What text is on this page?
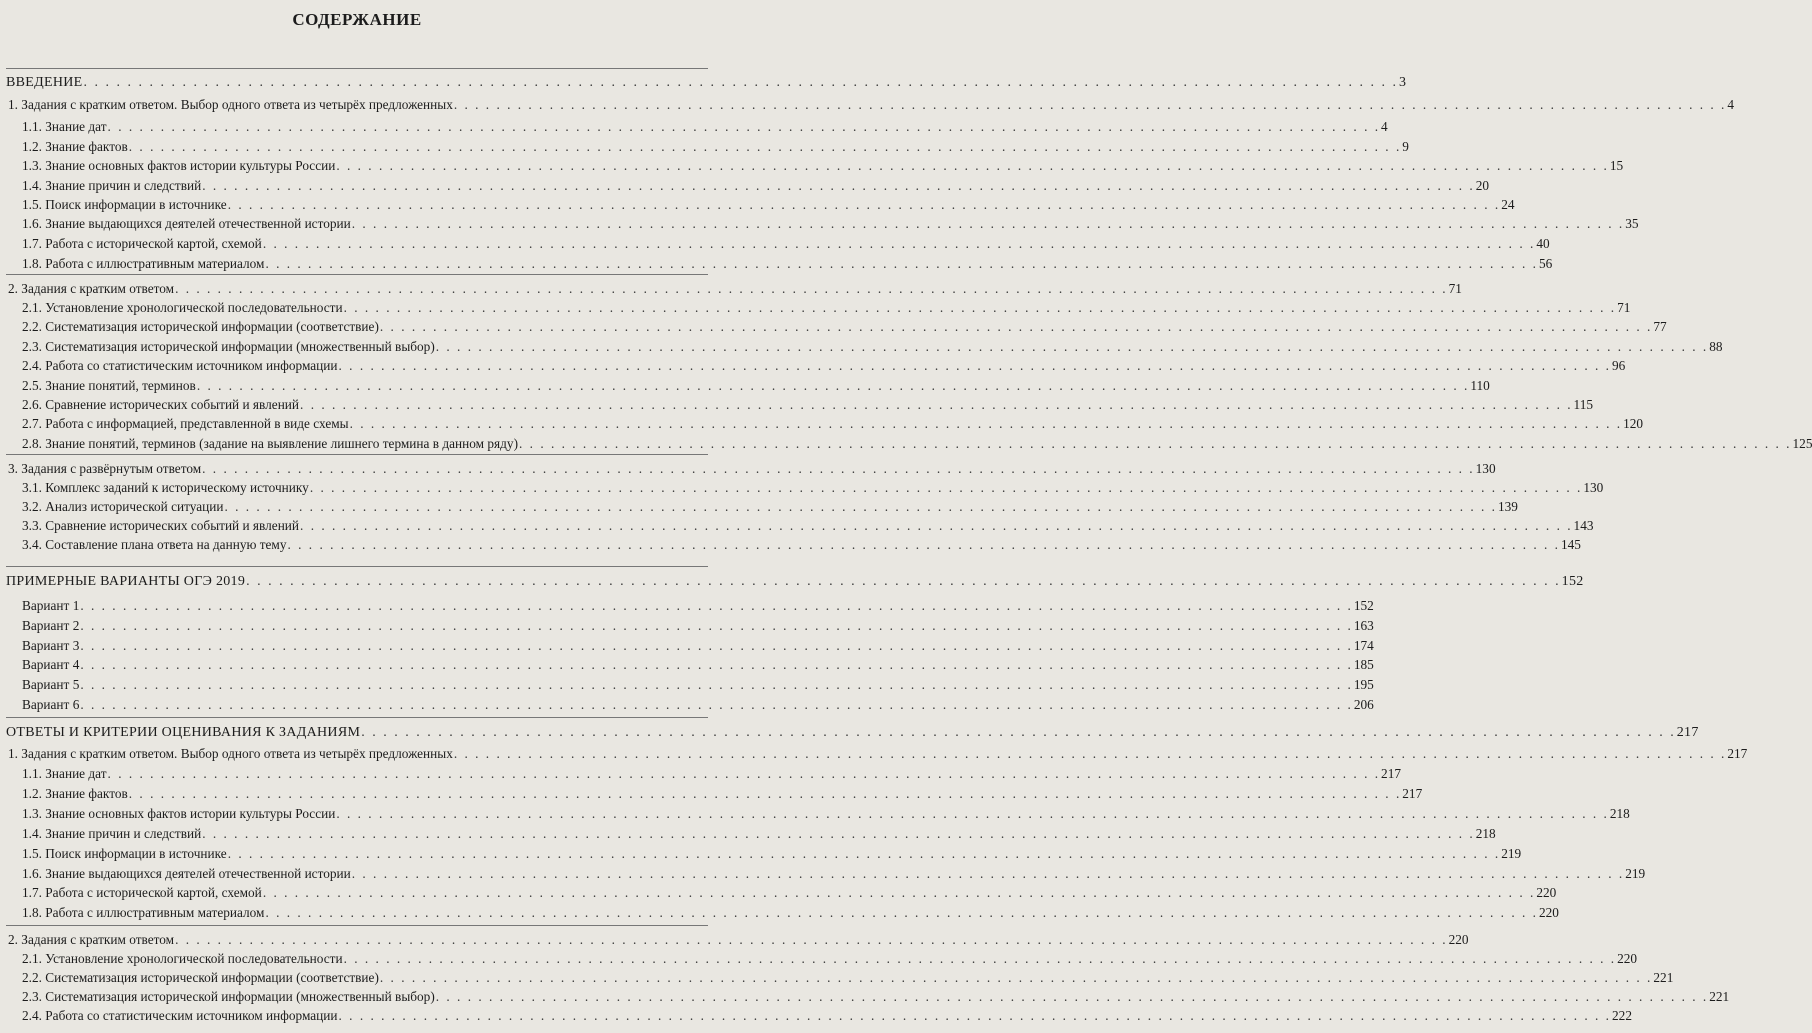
СОДЕРЖАНИЕ
ВВЕДЕНИЕ . . . . . . . . . . . . . . . . . . . . . . . . . . . . . . . . . . . . . . . . . . . . . . . . . . . . . . . . . . . . . . . . . . . . . . . . . . . . . . . . . . . . . . . . . . . . . . . . . . . . . . . . . . . . . . . . . . . . . . . . 3
1. Задания с кратким ответом. Выбор одного ответа из четырёх предложенных . . . . . . . . . . . . . . . . . . . . . . . . . . . . . . . . . . . . . . . . . . . . . . . . . . . . . . . . . . . . . . . . . . . . . . . . . . . . . . . . . . . . . . . . . . . . . . . . . . . . . . . . . . . . . . . . . . . . . . . . 4
1.1. Знание дат . . . . . . . . . . . . . . . . . . . . . . . . . . . . . . . . . . . . . . . . . . . . . . . . . . . . . . . . . . . . . . . . . . . . . . . . . . . . . . . . . . . . . . . . . . . . . . . . . . . . . . . . . . . . . . . . . . . . . . . . 4
1.2. Знание фактов . . . . . . . . . . . . . . . . . . . . . . . . . . . . . . . . . . . . . . . . . . . . . . . . . . . . . . . . . . . . . . . . . . . . . . . . . . . . . . . . . . . . . . . . . . . . . . . . . . . . . . . . . . . . . . . . . . . . . . . . 9
1.3. Знание основных фактов истории культуры России . . . . . . . . . . . . . . . . . . . . . . . . . . . . . . . . . . . . . . . . . . . . . . . . . . . . . . . . . . . . . . . . . . . . . . . . . . . . . . . . . . . . . . . . . . . . . . . . . . . . . . . . . . . . . . . . . . . . . . . . 15
1.4. Знание причин и следствий . . . . . . . . . . . . . . . . . . . . . . . . . . . . . . . . . . . . . . . . . . . . . . . . . . . . . . . . . . . . . . . . . . . . . . . . . . . . . . . . . . . . . . . . . . . . . . . . . . . . . . . . . . . . . . . . . . . . . . . . 20
1.5. Поиск информации в источнике . . . . . . . . . . . . . . . . . . . . . . . . . . . . . . . . . . . . . . . . . . . . . . . . . . . . . . . . . . . . . . . . . . . . . . . . . . . . . . . . . . . . . . . . . . . . . . . . . . . . . . . . . . . . . . . . . . . . . . . . 24
1.6. Знание выдающихся деятелей отечественной истории . . . . . . . . . . . . . . . . . . . . . . . . . . . . . . . . . . . . . . . . . . . . . . . . . . . . . . . . . . . . . . . . . . . . . . . . . . . . . . . . . . . . . . . . . . . . . . . . . . . . . . . . . . . . . . . . . . . . . . . . 35
1.7. Работа с исторической картой, схемой . . . . . . . . . . . . . . . . . . . . . . . . . . . . . . . . . . . . . . . . . . . . . . . . . . . . . . . . . . . . . . . . . . . . . . . . . . . . . . . . . . . . . . . . . . . . . . . . . . . . . . . . . . . . . . . . . . . . . . . . 40
1.8. Работа с иллюстративным материалом . . . . . . . . . . . . . . . . . . . . . . . . . . . . . . . . . . . . . . . . . . . . . . . . . . . . . . . . . . . . . . . . . . . . . . . . . . . . . . . . . . . . . . . . . . . . . . . . . . . . . . . . . . . . . . . . . . . . . . . . 56
2. Задания с кратким ответом . . . . . . . . . . . . . . . . . . . . . . . . . . . . . . . . . . . . . . . . . . . . . . . . . . . . . . . . . . . . . . . . . . . . . . . . . . . . . . . . . . . . . . . . . . . . . . . . . . . . . . . . . . . . . . . . . . . . . . . . 71
2.1. Установление хронологической последовательности . . . . . . . . . . . . . . . . . . . . . . . . . . . . . . . . . . . . . . . . . . . . . . . . . . . . . . . . . . . . . . . . . . . . . . . . . . . . . . . . . . . . . . . . . . . . . . . . . . . . . . . . . . . . . . . . . . . . . . . . 71
2.2. Систематизация исторической информации (соответствие) . . . . . . . . . . . . . . . . . . . . . . . . . . . . . . . . . . . . . . . . . . . . . . . . . . . . . . . . . . . . . . . . . . . . . . . . . . . . . . . . . . . . . . . . . . . . . . . . . . . . . . . . . . . . . . . . . . . . . . . . 77
2.3. Систематизация исторической информации (множественный выбор) . . . . . . . . . . . . . . . . . . . . . . . . . . . . . . . . . . . . . . . . . . . . . . . . . . . . . . . . . . . . . . . . . . . . . . . . . . . . . . . . . . . . . . . . . . . . . . . . . . . . . . . . . . . . . . . . . . . . . . . . 88
2.4. Работа со статистическим источником информации . . . . . . . . . . . . . . . . . . . . . . . . . . . . . . . . . . . . . . . . . . . . . . . . . . . . . . . . . . . . . . . . . . . . . . . . . . . . . . . . . . . . . . . . . . . . . . . . . . . . . . . . . . . . . . . . . . . . . . . . 96
2.5. Знание понятий, терминов . . . . . . . . . . . . . . . . . . . . . . . . . . . . . . . . . . . . . . . . . . . . . . . . . . . . . . . . . . . . . . . . . . . . . . . . . . . . . . . . . . . . . . . . . . . . . . . . . . . . . . . . . . . . . . . . . . . . . . . . 110
2.6. Сравнение исторических событий и явлений . . . . . . . . . . . . . . . . . . . . . . . . . . . . . . . . . . . . . . . . . . . . . . . . . . . . . . . . . . . . . . . . . . . . . . . . . . . . . . . . . . . . . . . . . . . . . . . . . . . . . . . . . . . . . . . . . . . . . . . . 115
2.7. Работа с информацией, представленной в виде схемы . . . . . . . . . . . . . . . . . . . . . . . . . . . . . . . . . . . . . . . . . . . . . . . . . . . . . . . . . . . . . . . . . . . . . . . . . . . . . . . . . . . . . . . . . . . . . . . . . . . . . . . . . . . . . . . . . . . . . . . . 120
2.8. Знание понятий, терминов (задание на выявление лишнего термина в данном ряду) . . . . . . . . . . . . . . . . . . . . . . . . . . . . . . . . . . . . . . . . . . . . . . . . . . . . . . . . . . . . . . . . . . . . . . . . . . . . . . . . . . . . . . . . . . . . . . . . . . . . . . . . . . . . . . . . . . . . . . . . 125
3. Задания с развёрнутым ответом . . . . . . . . . . . . . . . . . . . . . . . . . . . . . . . . . . . . . . . . . . . . . . . . . . . . . . . . . . . . . . . . . . . . . . . . . . . . . . . . . . . . . . . . . . . . . . . . . . . . . . . . . . . . . . . . . . . . . . . . 130
3.1. Комплекс заданий к историческому источнику . . . . . . . . . . . . . . . . . . . . . . . . . . . . . . . . . . . . . . . . . . . . . . . . . . . . . . . . . . . . . . . . . . . . . . . . . . . . . . . . . . . . . . . . . . . . . . . . . . . . . . . . . . . . . . . . . . . . . . . . 130
3.2. Анализ исторической ситуации . . . . . . . . . . . . . . . . . . . . . . . . . . . . . . . . . . . . . . . . . . . . . . . . . . . . . . . . . . . . . . . . . . . . . . . . . . . . . . . . . . . . . . . . . . . . . . . . . . . . . . . . . . . . . . . . . . . . . . . . 139
3.3. Сравнение исторических событий и явлений . . . . . . . . . . . . . . . . . . . . . . . . . . . . . . . . . . . . . . . . . . . . . . . . . . . . . . . . . . . . . . . . . . . . . . . . . . . . . . . . . . . . . . . . . . . . . . . . . . . . . . . . . . . . . . . . . . . . . . . . 143
3.4. Составление плана ответа на данную тему . . . . . . . . . . . . . . . . . . . . . . . . . . . . . . . . . . . . . . . . . . . . . . . . . . . . . . . . . . . . . . . . . . . . . . . . . . . . . . . . . . . . . . . . . . . . . . . . . . . . . . . . . . . . . . . . . . . . . . . . 145
ПРИМЕРНЫЕ ВАРИАНТЫ ОГЭ 2019 . . . . . . . . . . . . . . . . . . . . . . . . . . . . . . . . . . . . . . . . . . . . . . . . . . . . . . . . . . . . . . . . . . . . . . . . . . . . . . . . . . . . . . . . . . . . . . . . . . . . . . . . . . . . . . . . . . . . . . . . 152
Вариант 1 . . . . . . . . . . . . . . . . . . . . . . . . . . . . . . . . . . . . . . . . . . . . . . . . . . . . . . . . . . . . . . . . . . . . . . . . . . . . . . . . . . . . . . . . . . . . . . . . . . . . . . . . . . . . . . . . . . . . . . . . 152
Вариант 2 . . . . . . . . . . . . . . . . . . . . . . . . . . . . . . . . . . . . . . . . . . . . . . . . . . . . . . . . . . . . . . . . . . . . . . . . . . . . . . . . . . . . . . . . . . . . . . . . . . . . . . . . . . . . . . . . . . . . . . . . 163
Вариант 3 . . . . . . . . . . . . . . . . . . . . . . . . . . . . . . . . . . . . . . . . . . . . . . . . . . . . . . . . . . . . . . . . . . . . . . . . . . . . . . . . . . . . . . . . . . . . . . . . . . . . . . . . . . . . . . . . . . . . . . . . 174
Вариант 4 . . . . . . . . . . . . . . . . . . . . . . . . . . . . . . . . . . . . . . . . . . . . . . . . . . . . . . . . . . . . . . . . . . . . . . . . . . . . . . . . . . . . . . . . . . . . . . . . . . . . . . . . . . . . . . . . . . . . . . . . 185
Вариант 5 . . . . . . . . . . . . . . . . . . . . . . . . . . . . . . . . . . . . . . . . . . . . . . . . . . . . . . . . . . . . . . . . . . . . . . . . . . . . . . . . . . . . . . . . . . . . . . . . . . . . . . . . . . . . . . . . . . . . . . . . 195
Вариант 6 . . . . . . . . . . . . . . . . . . . . . . . . . . . . . . . . . . . . . . . . . . . . . . . . . . . . . . . . . . . . . . . . . . . . . . . . . . . . . . . . . . . . . . . . . . . . . . . . . . . . . . . . . . . . . . . . . . . . . . . . 206
ОТВЕТЫ И КРИТЕРИИ ОЦЕНИВАНИЯ К ЗАДАНИЯМ . . . . . . . . . . . . . . . . . . . . . . . . . . . . . . . . . . . . . . . . . . . . . . . . . . . . . . . . . . . . . . . . . . . . . . . . . . . . . . . . . . . . . . . . . . . . . . . . . . . . . . . . . . . . . . . . . . . . . . . . 217
1. Задания с кратким ответом. Выбор одного ответа из четырёх предложенных . . . . . . . . . . . . . . . . . . . . . . . . . . . . . . . . . . . . . . . . . . . . . . . . . . . . . . . . . . . . . . . . . . . . . . . . . . . . . . . . . . . . . . . . . . . . . . . . . . . . . . . . . . . . . . . . . . . . . . . . 217
1.1. Знание дат . . . . . . . . . . . . . . . . . . . . . . . . . . . . . . . . . . . . . . . . . . . . . . . . . . . . . . . . . . . . . . . . . . . . . . . . . . . . . . . . . . . . . . . . . . . . . . . . . . . . . . . . . . . . . . . . . . . . . . . . 217
1.2. Знание фактов . . . . . . . . . . . . . . . . . . . . . . . . . . . . . . . . . . . . . . . . . . . . . . . . . . . . . . . . . . . . . . . . . . . . . . . . . . . . . . . . . . . . . . . . . . . . . . . . . . . . . . . . . . . . . . . . . . . . . . . . 217
1.3. Знание основных фактов истории культуры России . . . . . . . . . . . . . . . . . . . . . . . . . . . . . . . . . . . . . . . . . . . . . . . . . . . . . . . . . . . . . . . . . . . . . . . . . . . . . . . . . . . . . . . . . . . . . . . . . . . . . . . . . . . . . . . . . . . . . . . . 218
1.4. Знание причин и следствий . . . . . . . . . . . . . . . . . . . . . . . . . . . . . . . . . . . . . . . . . . . . . . . . . . . . . . . . . . . . . . . . . . . . . . . . . . . . . . . . . . . . . . . . . . . . . . . . . . . . . . . . . . . . . . . . . . . . . . . . 218
1.5. Поиск информации в источнике . . . . . . . . . . . . . . . . . . . . . . . . . . . . . . . . . . . . . . . . . . . . . . . . . . . . . . . . . . . . . . . . . . . . . . . . . . . . . . . . . . . . . . . . . . . . . . . . . . . . . . . . . . . . . . . . . . . . . . . . 219
1.6. Знание выдающихся деятелей отечественной истории . . . . . . . . . . . . . . . . . . . . . . . . . . . . . . . . . . . . . . . . . . . . . . . . . . . . . . . . . . . . . . . . . . . . . . . . . . . . . . . . . . . . . . . . . . . . . . . . . . . . . . . . . . . . . . . . . . . . . . . . 219
1.7. Работа с исторической картой, схемой . . . . . . . . . . . . . . . . . . . . . . . . . . . . . . . . . . . . . . . . . . . . . . . . . . . . . . . . . . . . . . . . . . . . . . . . . . . . . . . . . . . . . . . . . . . . . . . . . . . . . . . . . . . . . . . . . . . . . . . . 220
1.8. Работа с иллюстративным материалом . . . . . . . . . . . . . . . . . . . . . . . . . . . . . . . . . . . . . . . . . . . . . . . . . . . . . . . . . . . . . . . . . . . . . . . . . . . . . . . . . . . . . . . . . . . . . . . . . . . . . . . . . . . . . . . . . . . . . . . . 220
2. Задания с кратким ответом . . . . . . . . . . . . . . . . . . . . . . . . . . . . . . . . . . . . . . . . . . . . . . . . . . . . . . . . . . . . . . . . . . . . . . . . . . . . . . . . . . . . . . . . . . . . . . . . . . . . . . . . . . . . . . . . . . . . . . . . 220
2.1. Установление хронологической последовательности . . . . . . . . . . . . . . . . . . . . . . . . . . . . . . . . . . . . . . . . . . . . . . . . . . . . . . . . . . . . . . . . . . . . . . . . . . . . . . . . . . . . . . . . . . . . . . . . . . . . . . . . . . . . . . . . . . . . . . . . 220
2.2. Систематизация исторической информации (соответствие) . . . . . . . . . . . . . . . . . . . . . . . . . . . . . . . . . . . . . . . . . . . . . . . . . . . . . . . . . . . . . . . . . . . . . . . . . . . . . . . . . . . . . . . . . . . . . . . . . . . . . . . . . . . . . . . . . . . . . . . . 221
2.3. Систематизация исторической информации (множественный выбор) . . . . . . . . . . . . . . . . . . . . . . . . . . . . . . . . . . . . . . . . . . . . . . . . . . . . . . . . . . . . . . . . . . . . . . . . . . . . . . . . . . . . . . . . . . . . . . . . . . . . . . . . . . . . . . . . . . . . . . . . 221
2.4. Работа со статистическим источником информации . . . . . . . . . . . . . . . . . . . . . . . . . . . . . . . . . . . . . . . . . . . . . . . . . . . . . . . . . . . . . . . . . . . . . . . . . . . . . . . . . . . . . . . . . . . . . . . . . . . . . . . . . . . . . . . . . . . . . . . . 222
